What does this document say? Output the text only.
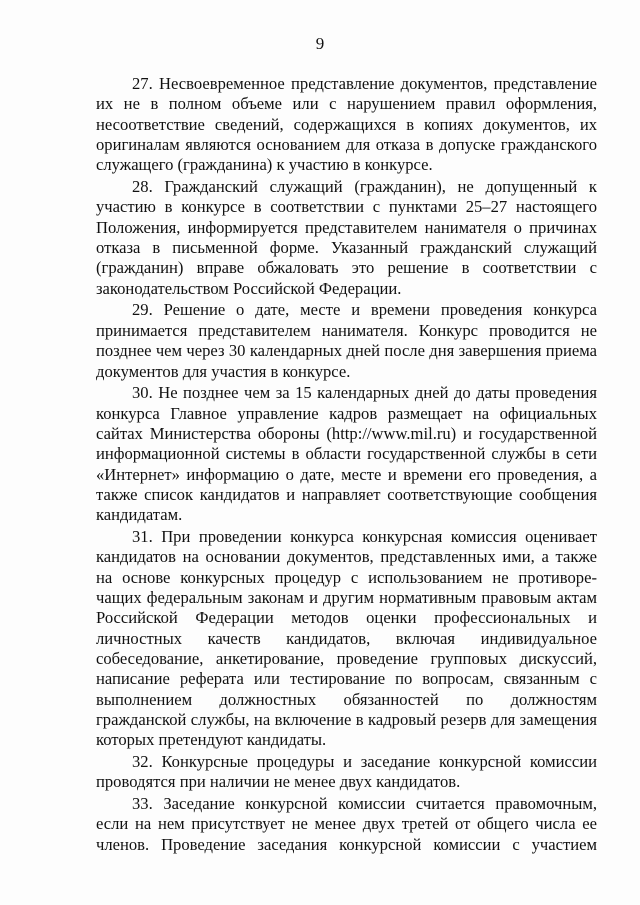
9

27. Несвоевременное представление документов, представление их не в полном объеме или с нарушением правил оформления, несоответствие сведений, содержащихся в копиях документов, их оригиналам являются основанием для отказа в допуске гражданского служащего (гражданина) к участию в конкурсе.

28. Гражданский служащий (гражданин), не допущенный к участию в конкурсе в соответствии с пунктами 25–27 настоящего Положения, информируется представителем нанимателя о причинах отказа в письменной форме. Указанный гражданский служащий (гражданин) вправе обжаловать это решение в соответствии с законодательством Российской Федерации.

29. Решение о дате, месте и времени проведения конкурса принимается представителем нанимателя. Конкурс проводится не позднее чем через 30 календарных дней после дня завершения приема документов для участия в конкурсе.

30. Не позднее чем за 15 календарных дней до даты проведения конкурса Главное управление кадров размещает на официальных сайтах Министерства обороны (http://www.mil.ru) и государственной информационной системы в области государственной службы в сети «Интернет» информацию о дате, месте и времени его проведения, а также список кандидатов и направляет соответствующие сообщения кандидатам.

31. При проведении конкурса конкурсная комиссия оценивает кандидатов на основании документов, представленных ими, а также на основе конкурсных процедур с использованием не противоречащих федеральным законам и другим нормативным правовым актам Российской Федерации методов оценки профессиональных и личностных качеств кандидатов, включая индивидуальное собеседование, анкетирование, проведение групповых дискуссий, написание реферата или тестирование по вопросам, связанным с выполнением должностных обязанностей по должностям гражданской службы, на включение в кадровый резерв для замещения которых претендуют кандидаты.

32. Конкурсные процедуры и заседание конкурсной комиссии проводятся при наличии не менее двух кандидатов.

33. Заседание конкурсной комиссии считается правомочным, если на нем присутствует не менее двух третей от общего числа ее членов. Проведение заседания конкурсной комиссии с участием
